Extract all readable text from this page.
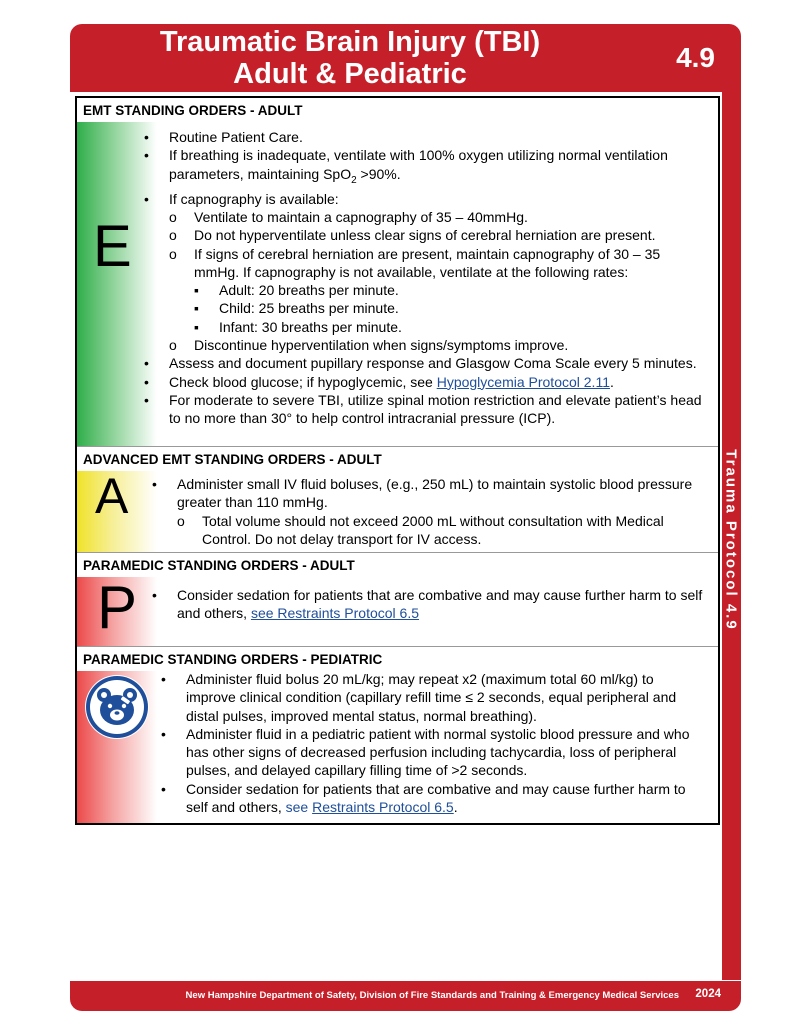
Traumatic Brain Injury (TBI)
Adult & Pediatric
4.9
Trauma Protocol 4.9
EMT STANDING ORDERS - ADULT
E
• Routine Patient Care.
• If breathing is inadequate, ventilate with 100% oxygen utilizing normal ventilation parameters, maintaining SpO$_2$ >90%.
• If capnography is available:
o Ventilate to maintain a capnography of 35 – 40mmHg.
o Do not hyperventilate unless clear signs of cerebral herniation are present.
o If signs of cerebral herniation are present, maintain capnography of 30 – 35 mmHg. If capnography is not available, ventilate at the following rates:
▪ Adult: 20 breaths per minute.
▪ Child: 25 breaths per minute.
▪ Infant: 30 breaths per minute.
o Discontinue hyperventilation when signs/symptoms improve.
• Assess and document pupillary response and Glasgow Coma Scale every 5 minutes.
• Check blood glucose; if hypoglycemic, see Hypoglycemia Protocol 2.11.
• For moderate to severe TBI, utilize spinal motion restriction and elevate patient’s head to no more than 30° to help control intracranial pressure (ICP).
ADVANCED EMT STANDING ORDERS - ADULT
A	• Administer small IV fluid boluses, (e.g., 250 mL) to maintain systolic blood pressure greater than 110 mmHg.
o Total volume should not exceed 2000 mL without consultation with Medical Control. Do not delay transport for IV access.
PARAMEDIC STANDING ORDERS - ADULT
P	• Consider sedation for patients that are combative and may cause further harm to self and others, see Restraints Protocol 6.5
PARAMEDIC STANDING ORDERS - PEDIATRIC
• Administer fluid bolus 20 mL/kg; may repeat x2 (maximum total 60 ml/kg) to improve clinical condition (capillary refill time ≤ 2 seconds, equal peripheral and distal pulses, improved mental status, normal breathing).
• Administer fluid in a pediatric patient with normal systolic blood pressure and who has other signs of decreased perfusion including tachycardia, loss of peripheral pulses, and delayed capillary filling time of >2 seconds.
• Consider sedation for patients that are combative and may cause further harm to self and others, see Restraints Protocol 6.5.
New Hampshire Department of Safety, Division of Fire Standards and Training & Emergency Medical Services 2024
